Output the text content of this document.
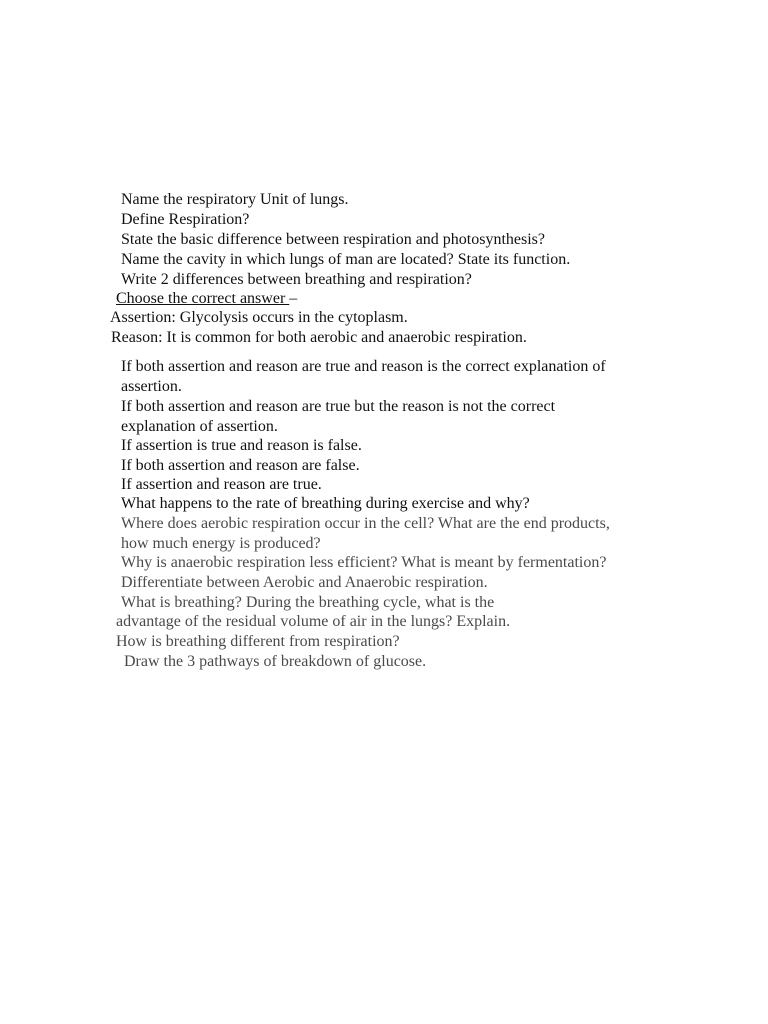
Name the respiratory Unit of lungs.

Define Respiration?

State the basic difference between respiration and photosynthesis?

Name the cavity in which lungs of man are located? State its function.

Write 2 differences between breathing and respiration?

Choose the correct answer –

Assertion: Glycolysis occurs in the cytoplasm.

Reason: It is common for both aerobic and anaerobic respiration.

If both assertion and reason are true and reason is the correct explanation of

assertion.

If both assertion and reason are true but the reason is not the correct

explanation of assertion.

If assertion is true and reason is false.

If both assertion and reason are false.

If assertion and reason are true.

What happens to the rate of breathing during exercise and why?

Where does aerobic respiration occur in the cell? What are the end products,

how much energy is produced?

Why is anaerobic respiration less efficient? What is meant by fermentation?

Differentiate between Aerobic and Anaerobic respiration.

What is breathing? During the breathing cycle, what is the

advantage of the residual volume of air in the lungs? Explain.

How is breathing different from respiration?

Draw the 3 pathways of breakdown of glucose.
